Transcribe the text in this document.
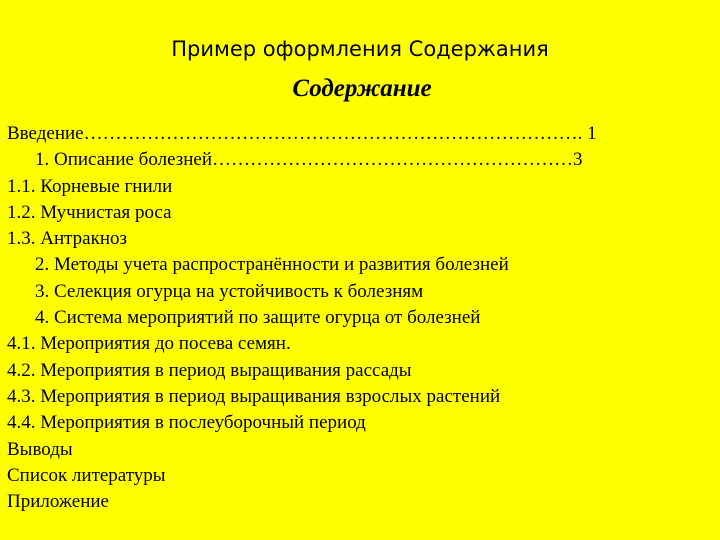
Пример оформления Содержания
Содержание
Введение……………………………………………………………………. 1
1. Описание болезней…………………………………………………3
1.1. Корневые гнили
1.2. Мучнистая роса
1.3. Антракноз
2. Методы учета распространённости и развития болезней
3. Селекция огурца на устойчивость к болезням
4. Система мероприятий по защите огурца от болезней
4.1. Мероприятия до посева семян.
4.2. Мероприятия в период выращивания рассады
4.3. Мероприятия в период выращивания взрослых растений
4.4. Мероприятия в послеуборочный период
Выводы
Список литературы
Приложение
